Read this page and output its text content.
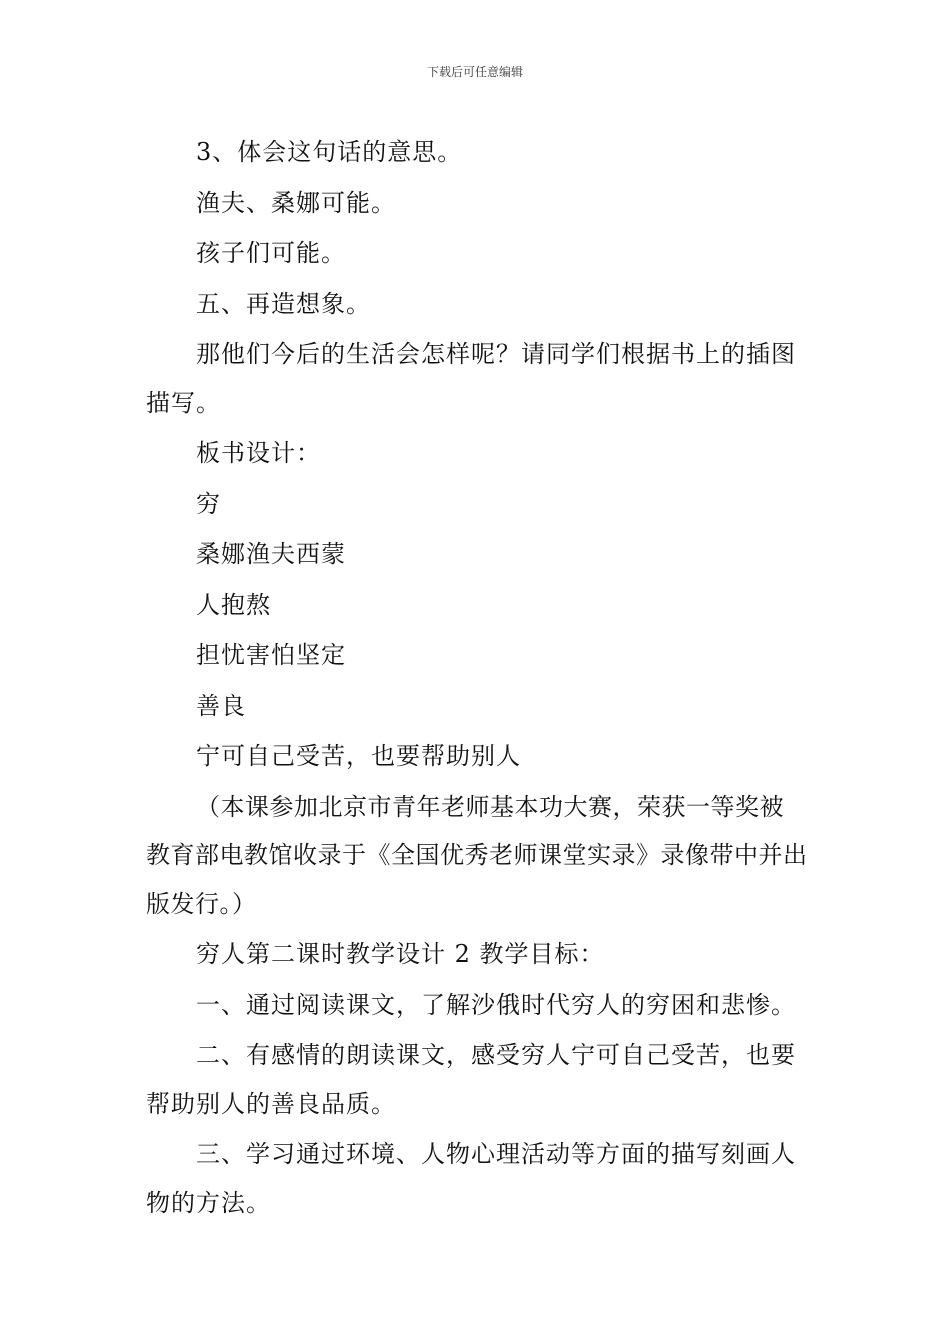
下载后可任意编辑

3、体会这句话的意思。

渔夫、桑娜可能。

孩子们可能。

五、再造想象。

那他们今后的生活会怎样呢？请同学们根据书上的插图描写。

板书设计：

穷

桑娜渔夫西蒙

人抱熬

担忧害怕坚定

善良

宁可自己受苦，也要帮助别人

（本课参加北京市青年老师基本功大赛，荣获一等奖被教育部电教馆收录于《全国优秀老师课堂实录》录像带中并出版发行。）

穷人第二课时教学设计 2 教学目标：

一、通过阅读课文，了解沙俄时代穷人的穷困和悲惨。

二、有感情的朗读课文，感受穷人宁可自己受苦，也要帮助别人的善良品质。

三、学习通过环境、人物心理活动等方面的描写刻画人物的方法。
